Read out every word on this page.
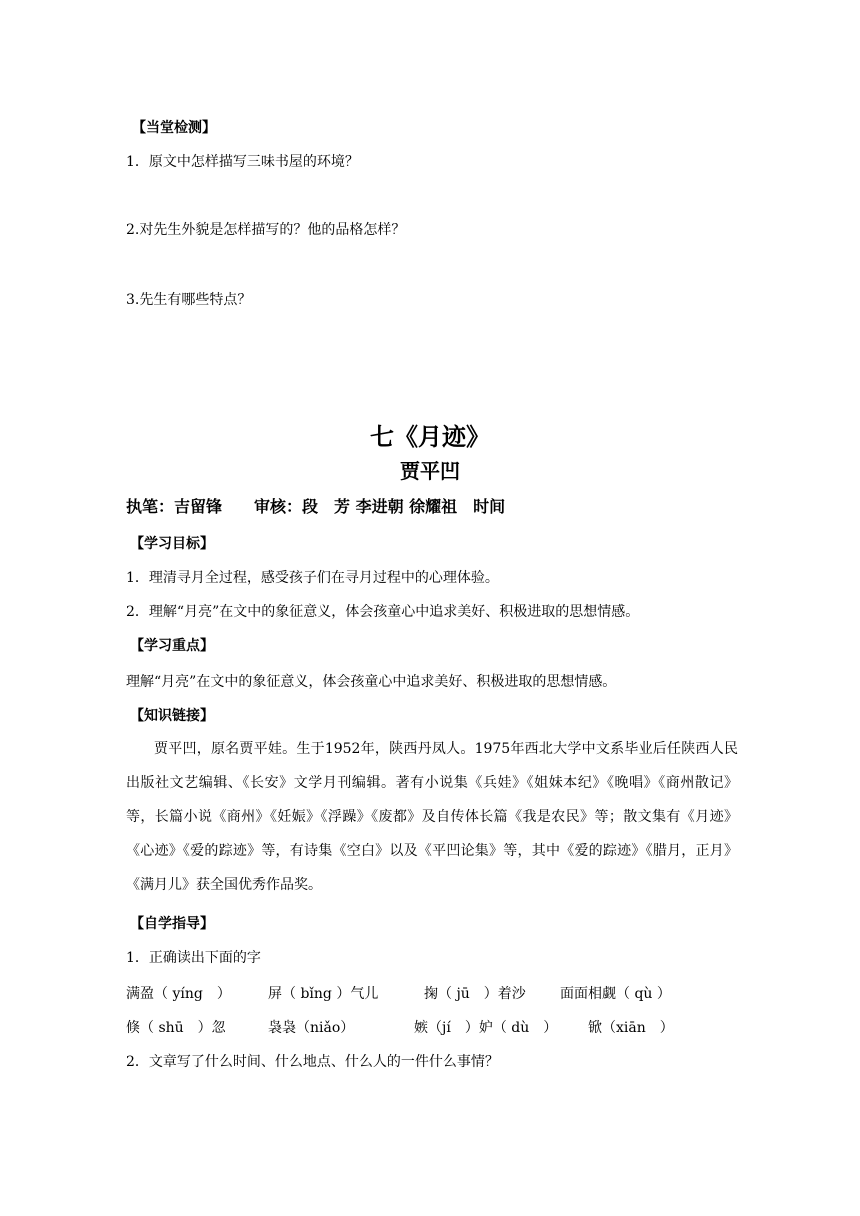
【当堂检测】
1．原文中怎样描写三味书屋的环境？
2.对先生外貌是怎样描写的？他的品格怎样？
3.先生有哪些特点？
七《月迹》
贾平凹
执笔：吉留锋　　审核：段　芳 李进朝 徐耀祖　时间
【学习目标】
1．理清寻月全过程，感受孩子们在寻月过程中的心理体验。
2．理解“月亮”在文中的象征意义，体会孩童心中追求美好、积极进取的思想情感。
【学习重点】
理解“月亮”在文中的象征意义，体会孩童心中追求美好、积极进取的思想情感。
【知识链接】
贾平凹，原名贾平娃。生于1952年，陕西丹凤人。1975年西北大学中文系毕业后任陕西人民出版社文艺编辑、《长安》文学月刊编辑。著有小说集《兵娃》《姐妹本纪》《晚唱》《商州散记》等，长篇小说《商州》《妊娠》《浮躁》《废都》及自传体长篇《我是农民》等；散文集有《月迹》《心迹》《爱的踪迹》等，有诗集《空白》以及《平凹论集》等，其中《爱的踪迹》《腊月，正月》《满月儿》获全国优秀作品奖。
【自学指导】
1．正确读出下面的字
满盈（ yíng　）	屏（ bǐng ）气儿	掬（ jū　）着沙 面面相觑（ qù ）
倏（ shū　）忽	袅袅（niǎo）	嫉（jí　）妒（ dù　） 锨（xiān　）
2．文章写了什么时间、什么地点、什么人的一件什么事情？
